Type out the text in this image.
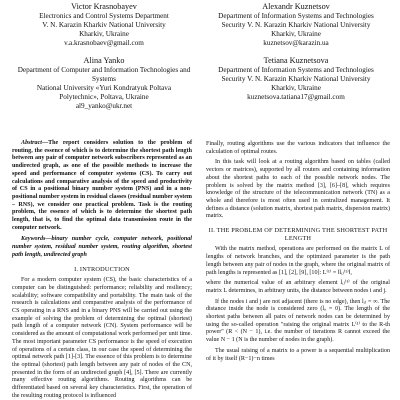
Victor Krasnobayev
Electronics and Control Systems Department
V. N. Karazin Kharkiv National University
Kharkiv, Ukraine
v.a.krasnobaev@gmail.com
Alexandr Kuznetsov
Department of Information Systems and Technologies
Security V. N. Karazin Kharkiv National University
Kharkiv, Ukraine
kuznetsov@karazin.ua
Alina Yanko
Department of Computer and Information Technologies and Systems
National University «Yuri Kondratyuk Poltava
Polytechnic», Poltava, Ukraine
al9_yanko@ukr.net
Tetiana Kuznetsova
Department of Information Systems and Technologies
Security V. N. Karazin Kharkiv National University
Kharkiv, Ukraine
kuznetsova.tatiana17@gmail.com

Abstract—The report considers solution to the problem of routing, the essence of which is to determine the shortest path length between any pair of computer network subscribers represented as an undirected graph, as one of the possible methods to increase the speed and performance of computer systems (CS). To carry out calculations and comparative analysis of the speed and productivity of CS in a positional binary number system (PNS) and in a non-positional number system in residual classes (residual number system – RNS), we consider one practical problem. Task is the routing problem, the essence of which is to determine the shortest path length, that is, to find the optimal data transmission route in the computer network.

Keywords—binary number cycle, computer network, positional number system, residual number system, routing algorithm, shortest path length, undirected graph

I. INTRODUCTION

For a modern computer system (CS), the basic characteristics of a computer can be distinguished: performance; reliability and resiliency; scalability; software compatibility and portability. The main task of the research is calculations and comparative analysis of the performance of CS operating in a RNS and in a binary PNS will be carried out using the example of solving the problem of determining the optimal (shortest) path length of a computer network (CN). System performance will be considered as the amount of computational work performed per unit time. The most important parameter CS performance is the speed of execution of operations of a certain class, in our case the speed of determining the optimal network path [1]-[3]. The essence of this problem is to determine the optimal (shortest) path length between any pair of nodes of the CN, presented in the form of an undirected graph [4], [5]. There are currently many effective routing algorithms. Routing algorithms can be differentiated based on several key characteristics. First, the operation of the resulting routing protocol is influenced

Finally, routing algorithms use the various indicators that influence the calculation of optimal routes.

In this task will look at a routing algorithm based on tables (called vectors or matrices), supported by all routers and containing information about the shortest paths to each of the possible network nodes. The problem is solved by the matrix method [3], [6]–[8], which requires knowledge of the structure of the telecommunication network (TN) as a whole and therefore is most often used in centralized management. It defines a distance (solution matrix, shortest path matrix, dispersion matrix) matrix.

II. THE PROBLEM OF DETERMINING THE SHORTEST PATH LENGTH

With the matrix method, operations are performed on the matrix L of lengths of network branches, and the optimized parameter is the path length between any pair of nodes in the graph, where the original matrix of path lengths is represented as [1], [2], [9], [10]: L⁽¹⁾ = ‖lᵢⱼ⁽¹⁾‖,

where the numerical value of an arbitrary element lᵢⱼ⁽¹⁾ of the original matrix L determines, in arbitrary units, the distance between nodes i and j.

If the nodes i and j are not adjacent (there is no edge), then lᵢⱼ = ∞. The distance inside the node is considered zero (lᵢᵢ = 0). The length of the shortest paths between all pairs of network nodes can be determined by using the so-called operation "raising the original matrix L⁽¹⁾ to the R-th power" (R < (N − 1), i.e. the number of iterations R cannot exceed the value N − 1 (N is the number of nodes in the graph).

The usual raising of a matrix to a power is a sequential multiplication of it by itself (R−1)−n times
